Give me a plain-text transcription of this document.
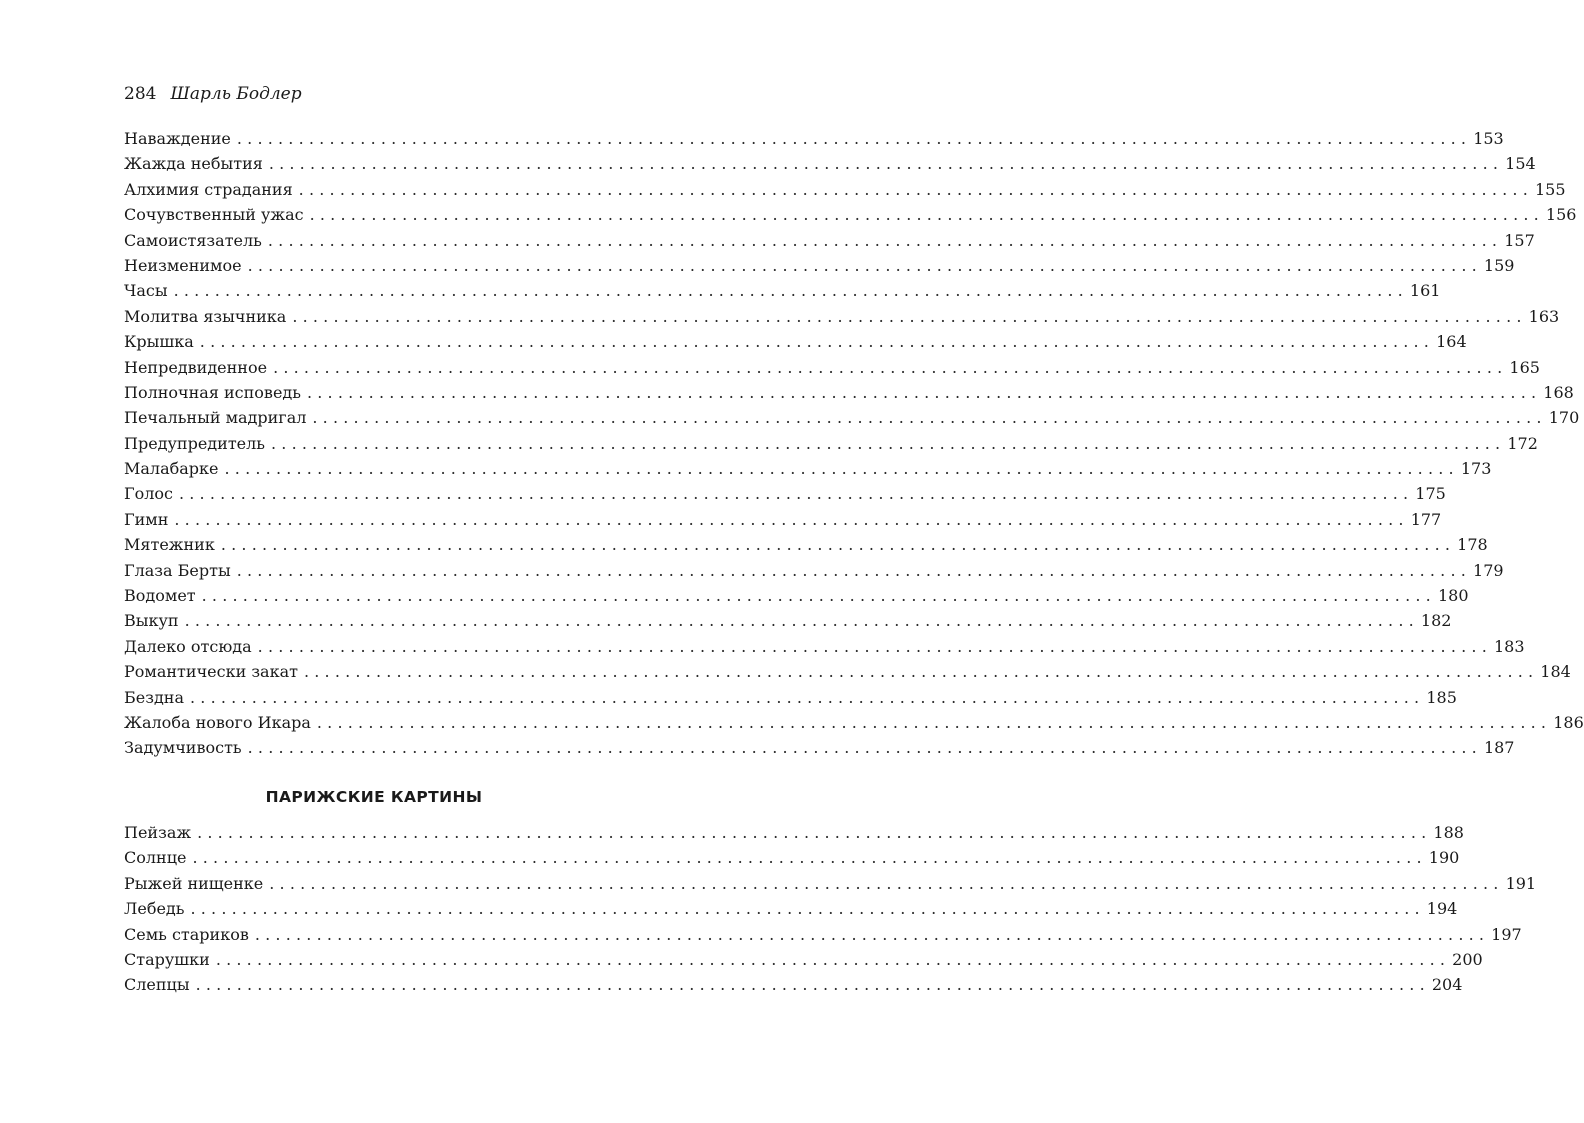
284 Шарль Бодлер
Наваждение ........................................................................................................................ 153
Жажда небытия ........................................................................................................................ 154
Алхимия страдания ........................................................................................................................ 155
Сочувственный ужас ........................................................................................................................ 156
Самоистязатель ........................................................................................................................ 157
Неизменимое ........................................................................................................................ 159
Часы ........................................................................................................................ 161
Молитва язычника ........................................................................................................................ 163
Крышка ........................................................................................................................ 164
Непредвиденное ........................................................................................................................ 165
Полночная исповедь ........................................................................................................................ 168
Печальный мадригал ........................................................................................................................ 170
Предупредитель ........................................................................................................................ 172
Малабарке ........................................................................................................................ 173
Голос ........................................................................................................................ 175
Гимн ........................................................................................................................ 177
Мятежник ........................................................................................................................ 178
Глаза Берты ........................................................................................................................ 179
Водомет ........................................................................................................................ 180
Выкуп ........................................................................................................................ 182
Далеко отсюда ........................................................................................................................ 183
Романтически закат ........................................................................................................................ 184
Бездна ........................................................................................................................ 185
Жалоба нового Икара ........................................................................................................................ 186
Задумчивость ........................................................................................................................ 187
ПАРИЖСКИЕ КАРТИНЫ
Пейзаж ........................................................................................................................ 188
Солнце ........................................................................................................................ 190
Рыжей нищенке ........................................................................................................................ 191
Лебедь ........................................................................................................................ 194
Семь стариков ........................................................................................................................ 197
Старушки ........................................................................................................................ 200
Слепцы ........................................................................................................................ 204
